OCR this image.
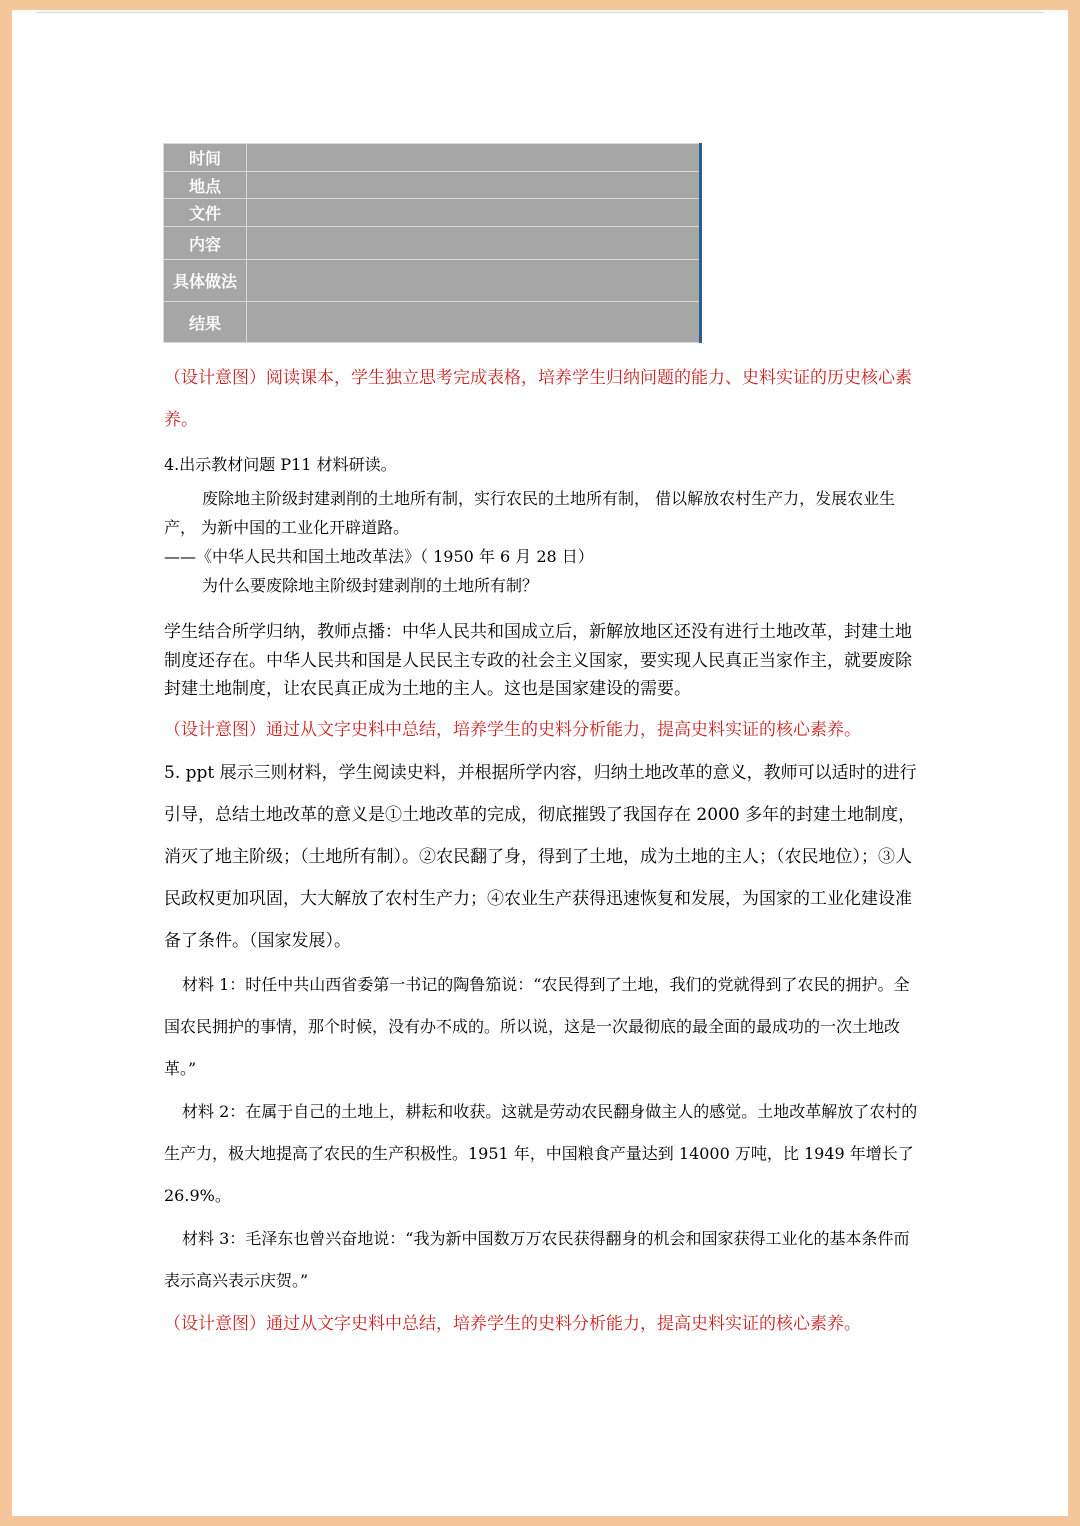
时间	
地点	
文件	
内容	
具体做法	
结果	

（设计意图）阅读课本，学生独立思考完成表格，培养学生归纳问题的能力、史料实证的历史核心素养。

4.出示教材问题 P11 材料研读。

废除地主阶级封建剥削的土地所有制，实行农民的土地所有制， 借以解放农村生产力，发展农业生产， 为新中国的工业化开辟道路。

——《中华人民共和国土地改革法》（ 1950 年 6 月 28 日）

为什么要废除地主阶级封建剥削的土地所有制？

学生结合所学归纳，教师点播：中华人民共和国成立后，新解放地区还没有进行土地改革，封建土地制度还存在。中华人民共和国是人民民主专政的社会主义国家，要实现人民真正当家作主，就要废除封建土地制度，让农民真正成为土地的主人。这也是国家建设的需要。

（设计意图）通过从文字史料中总结，培养学生的史料分析能力，提高史料实证的核心素养。

5. ppt 展示三则材料，学生阅读史料，并根据所学内容，归纳土地改革的意义，教师可以适时的进行引导，总结土地改革的意义是①土地改革的完成，彻底摧毁了我国存在 2000 多年的封建土地制度，消灭了地主阶级；（土地所有制）。②农民翻了身，得到了土地，成为土地的主人；（农民地位）；③人民政权更加巩固，大大解放了农村生产力；④农业生产获得迅速恢复和发展，为国家的工业化建设准备了条件。（国家发展）。

材料 1：时任中共山西省委第一书记的陶鲁笳说：“农民得到了土地，我们的党就得到了农民的拥护。全国农民拥护的事情，那个时候，没有办不成的。所以说，这是一次最彻底的最全面的最成功的一次土地改革。”

材料 2：在属于自己的土地上，耕耘和收获。这就是劳动农民翻身做主人的感觉。土地改革解放了农村的生产力，极大地提高了农民的生产积极性。1951 年，中国粮食产量达到 14000 万吨，比 1949 年增长了 26.9%。

材料 3：毛泽东也曾兴奋地说：“我为新中国数万万农民获得翻身的机会和国家获得工业化的基本条件而表示高兴表示庆贺。”

（设计意图）通过从文字史料中总结，培养学生的史料分析能力，提高史料实证的核心素养。
